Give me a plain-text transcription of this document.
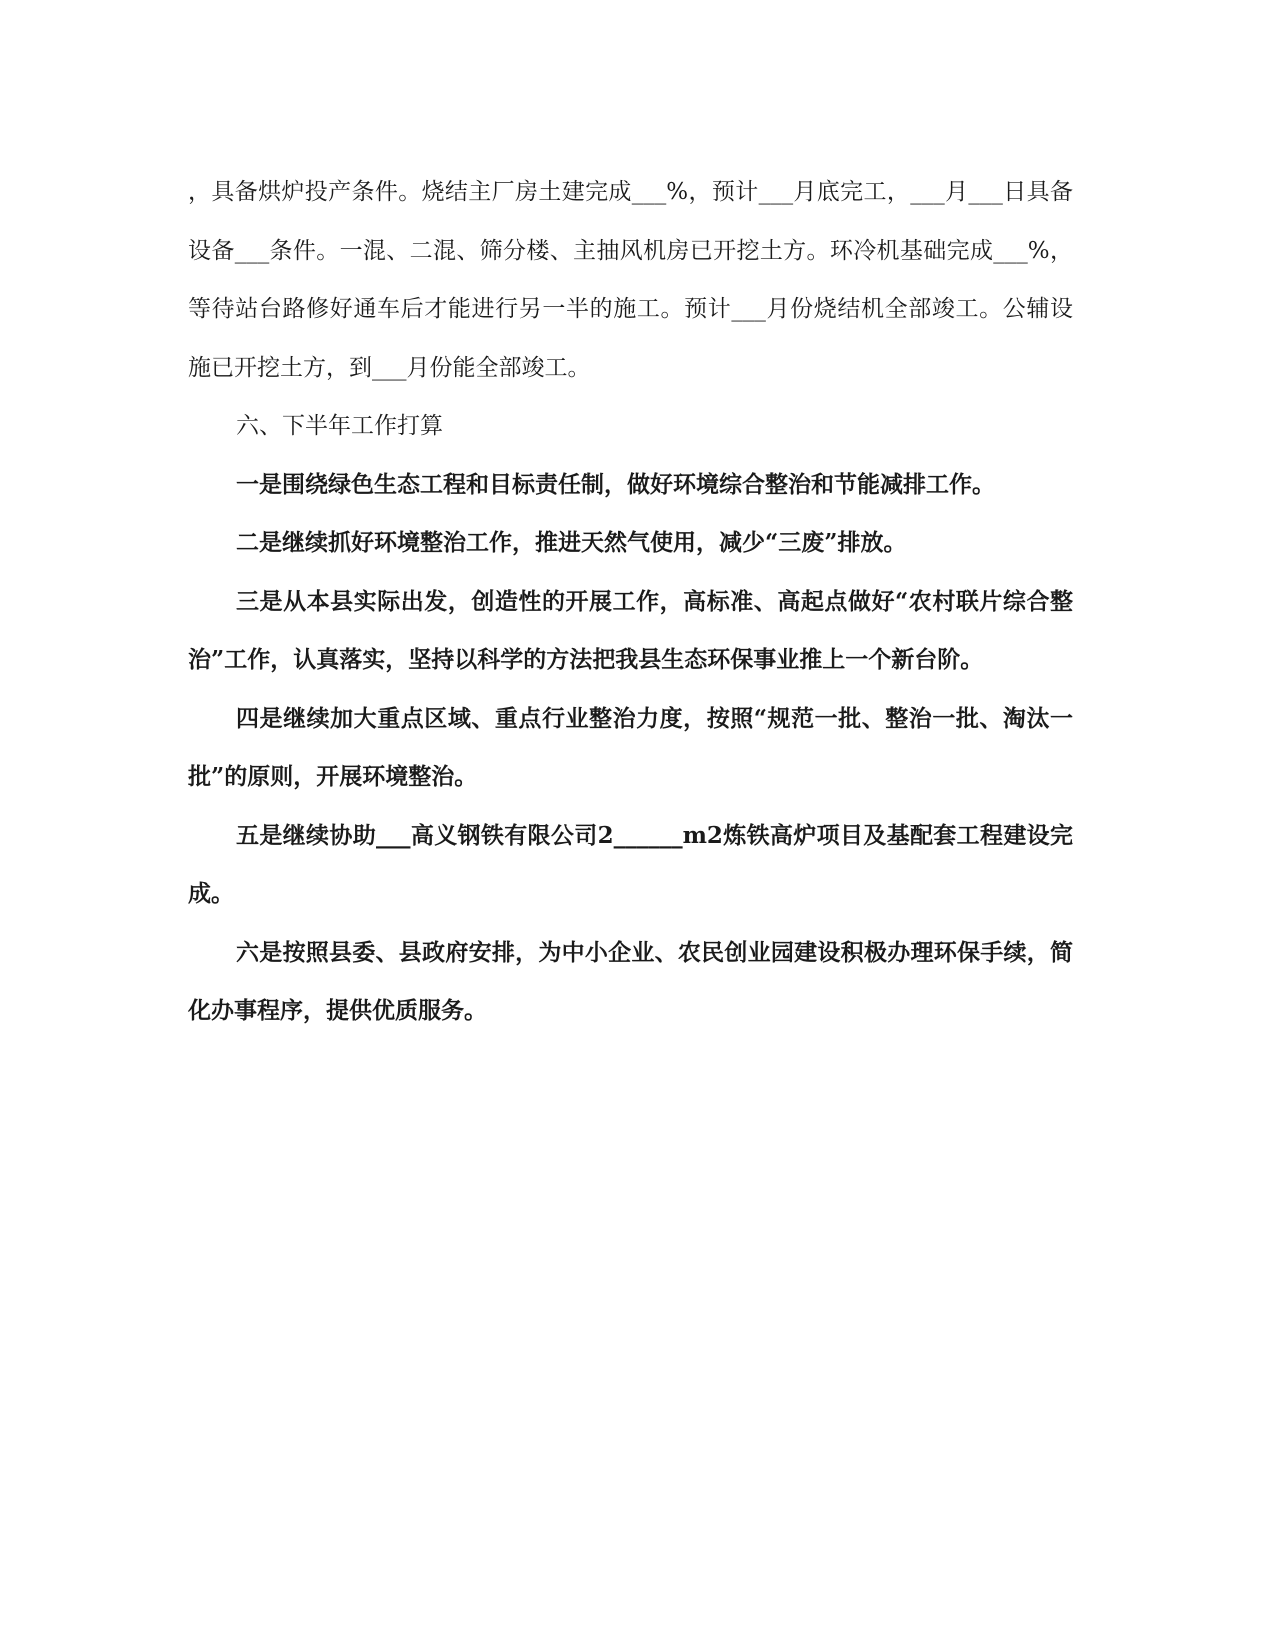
，具备烘炉投产条件。烧结主厂房土建完成___%，预计___月底完工，___月___日具备设备___条件。一混、二混、筛分楼、主抽风机房已开挖土方。环冷机基础完成___%，等待站台路修好通车后才能进行另一半的施工。预计___月份烧结机全部竣工。公辅设施已开挖土方，到___月份能全部竣工。

六、下半年工作打算

一是围绕绿色生态工程和目标责任制，做好环境综合整治和节能减排工作。

二是继续抓好环境整治工作，推进天然气使用，减少“三废”排放。

三是从本县实际出发，创造性的开展工作，高标准、高起点做好“农村联片综合整治”工作，认真落实，坚持以科学的方法把我县生态环保事业推上一个新台阶。

四是继续加大重点区域、重点行业整治力度，按照“规范一批、整治一批、淘汰一批”的原则，开展环境整治。

五是继续协助___高义钢铁有限公司2______m2炼铁高炉项目及基配套工程建设完成。

六是按照县委、县政府安排，为中小企业、农民创业园建设积极办理环保手续，简化办事程序，提供优质服务。
